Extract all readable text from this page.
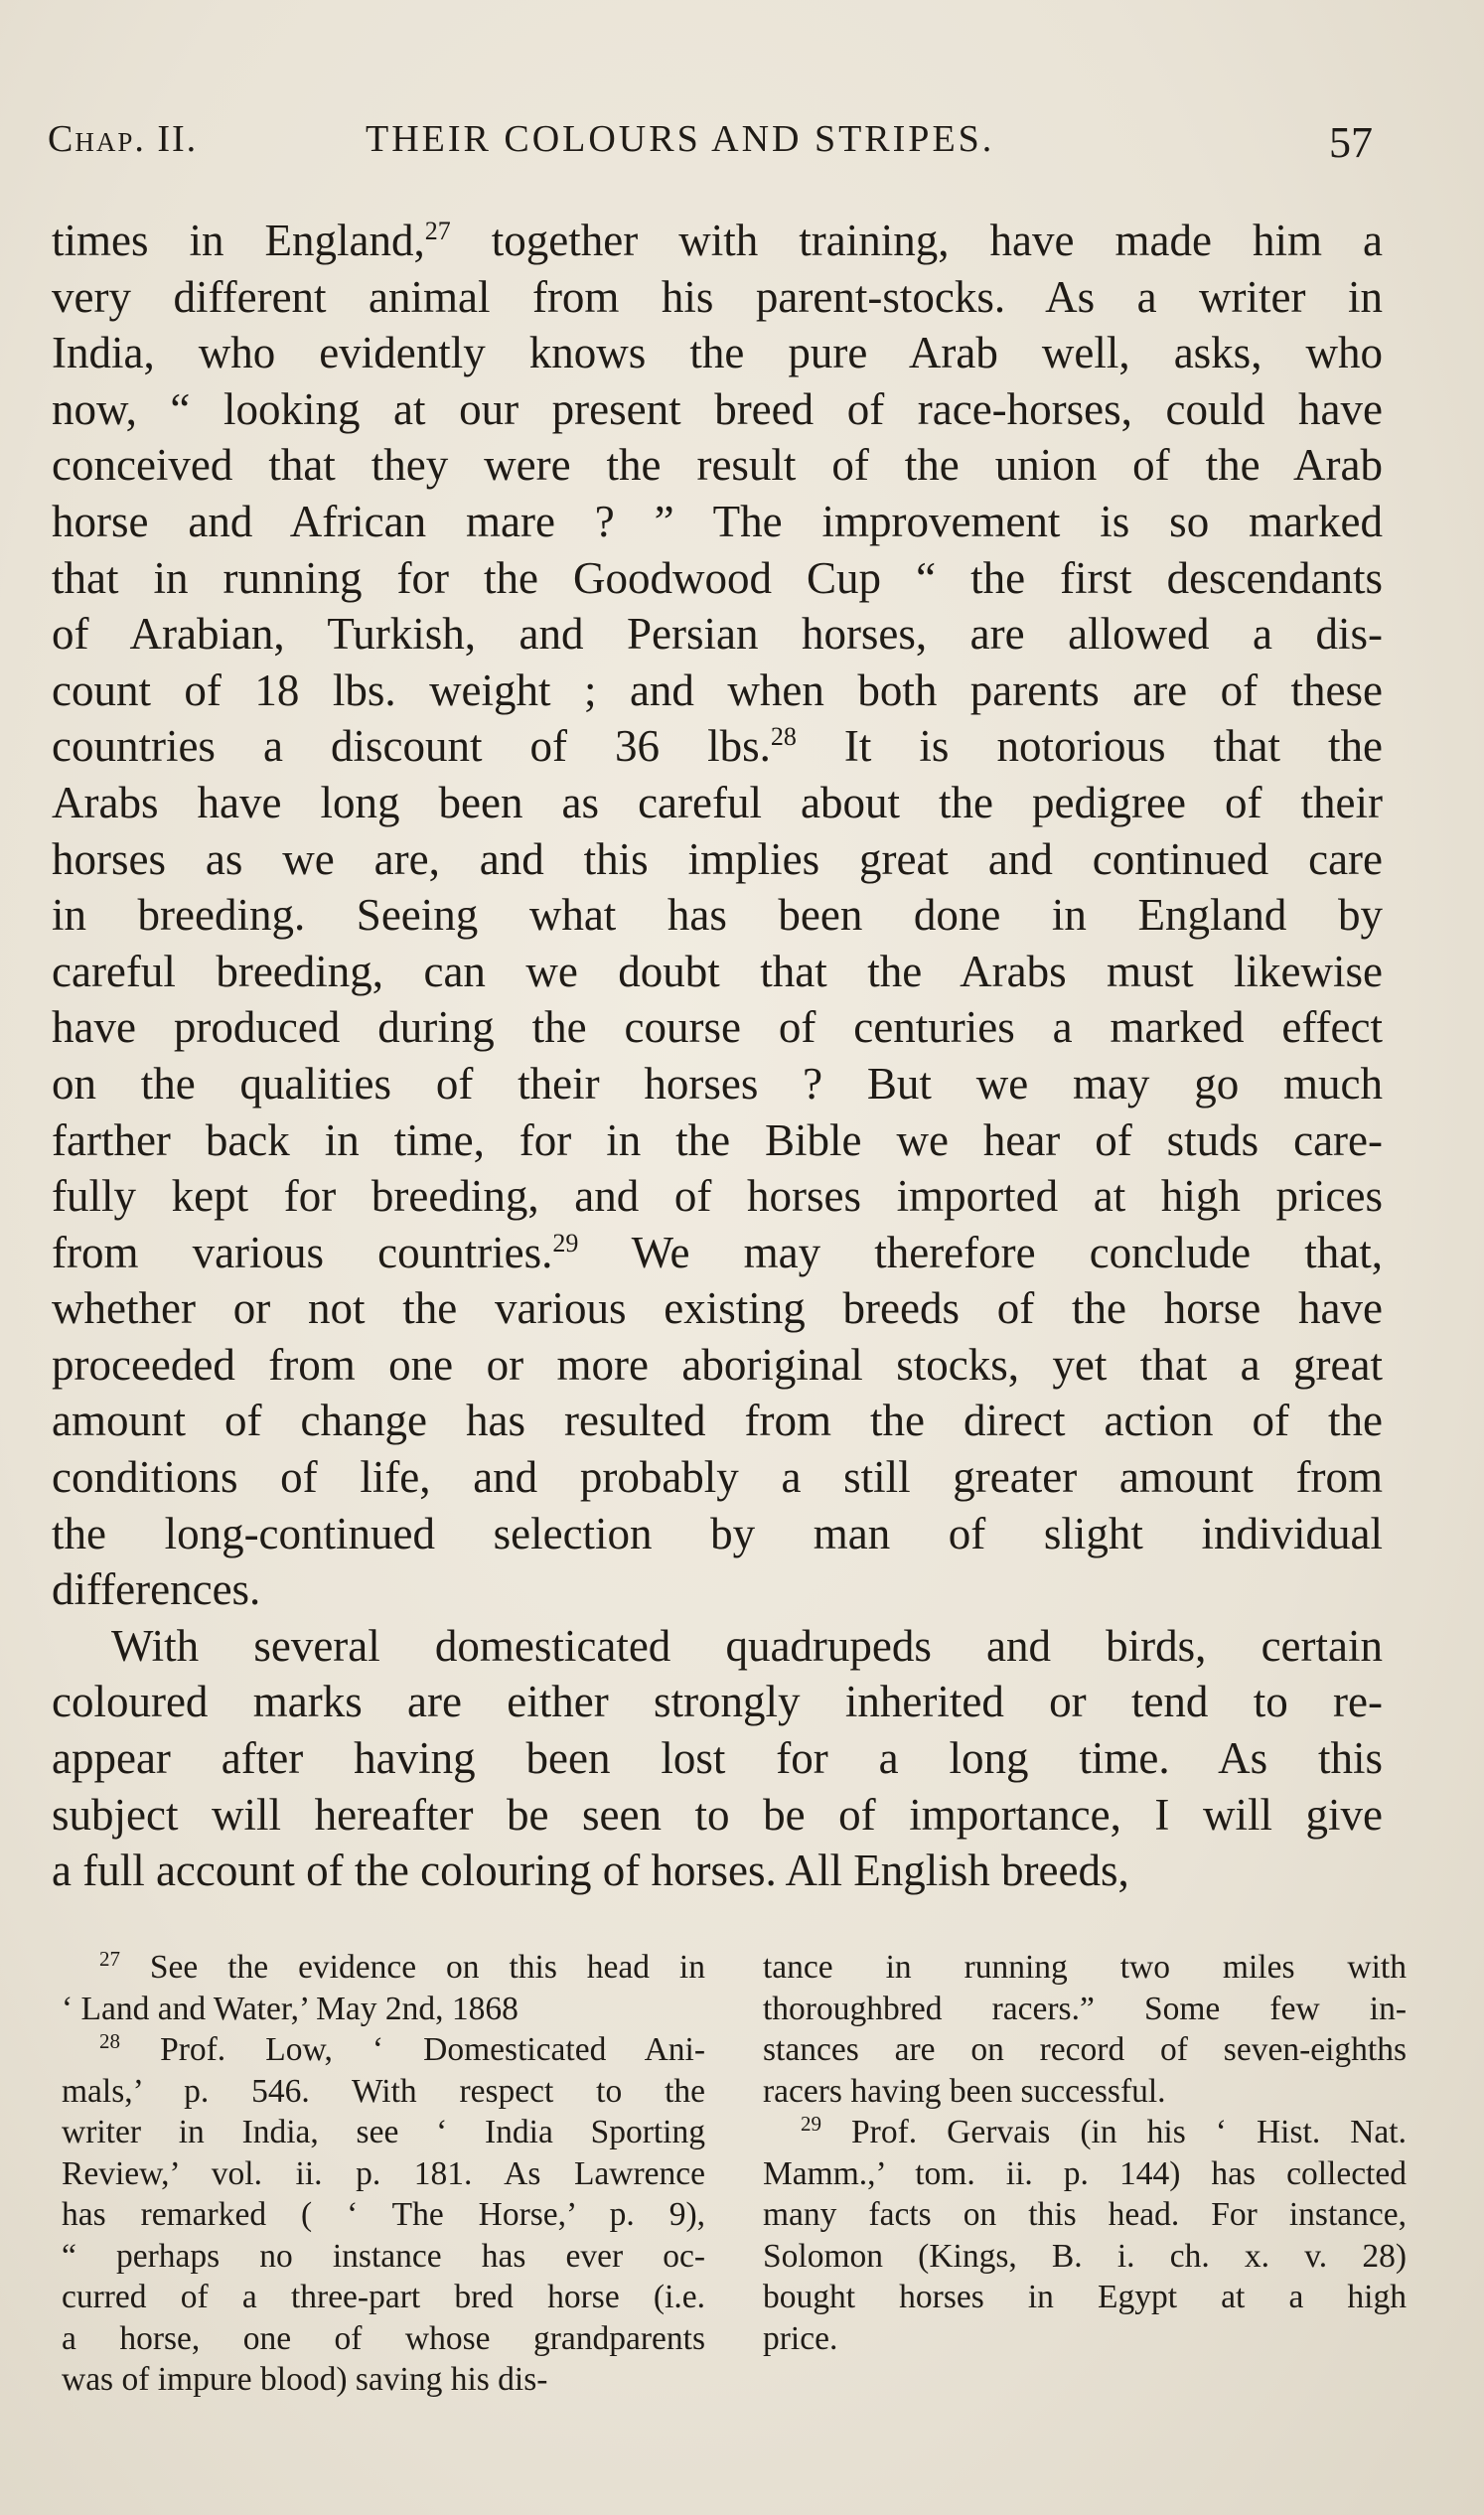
Chap. II.	THEIR COLOURS AND STRIPES.	57
times in England,$^{27}$ together with training, have made him a
very different animal from his parent-stocks. As a writer in
India, who evidently knows the pure Arab well, asks, who
now, “ looking at our present breed of race-horses, could have
conceived that they were the result of the union of the Arab
horse and African mare ? ” The improvement is so marked
that in running for the Goodwood Cup “ the first descendants
of Arabian, Turkish, and Persian horses, are allowed a dis-
count of 18 lbs. weight ; and when both parents are of these
countries a discount of 36 lbs.$^{28}$ It is notorious that the
Arabs have long been as careful about the pedigree of their
horses as we are, and this implies great and continued care
in breeding. Seeing what has been done in England by
careful breeding, can we doubt that the Arabs must likewise
have produced during the course of centuries a marked effect
on the qualities of their horses ? But we may go much
farther back in time, for in the Bible we hear of studs care-
fully kept for breeding, and of horses imported at high prices
from various countries.$^{29}$ We may therefore conclude that,
whether or not the various existing breeds of the horse have
proceeded from one or more aboriginal stocks, yet that a great
amount of change has resulted from the direct action of the
conditions of life, and probably a still greater amount from
the long-continued selection by man of slight individual
differences.
With several domesticated quadrupeds and birds, certain
coloured marks are either strongly inherited or tend to re-
appear after having been lost for a long time. As this
subject will hereafter be seen to be of importance, I will give
a full account of the colouring of horses. All English breeds,
$^{27}$ See the evidence on this head in
‘ Land and Water,’ May 2nd, 1868
$^{28}$ Prof. Low, ‘ Domesticated Ani-
mals,’ p. 546. With respect to the
writer in India, see ‘ India Sporting
Review,’ vol. ii. p. 181. As Lawrence
has remarked ( ‘ The Horse,’ p. 9),
“ perhaps no instance has ever oc-
curred of a three-part bred horse (i.e.
a horse, one of whose grandparents
was of impure blood) saving his dis-
tance in running two miles with
thoroughbred racers.” Some few in-
stances are on record of seven-eighths
racers having been successful.
$^{29}$ Prof. Gervais (in his ‘ Hist. Nat.
Mamm.,’ tom. ii. p. 144) has collected
many facts on this head. For instance,
Solomon (Kings, B. i. ch. x. v. 28)
bought horses in Egypt at a high
price.
